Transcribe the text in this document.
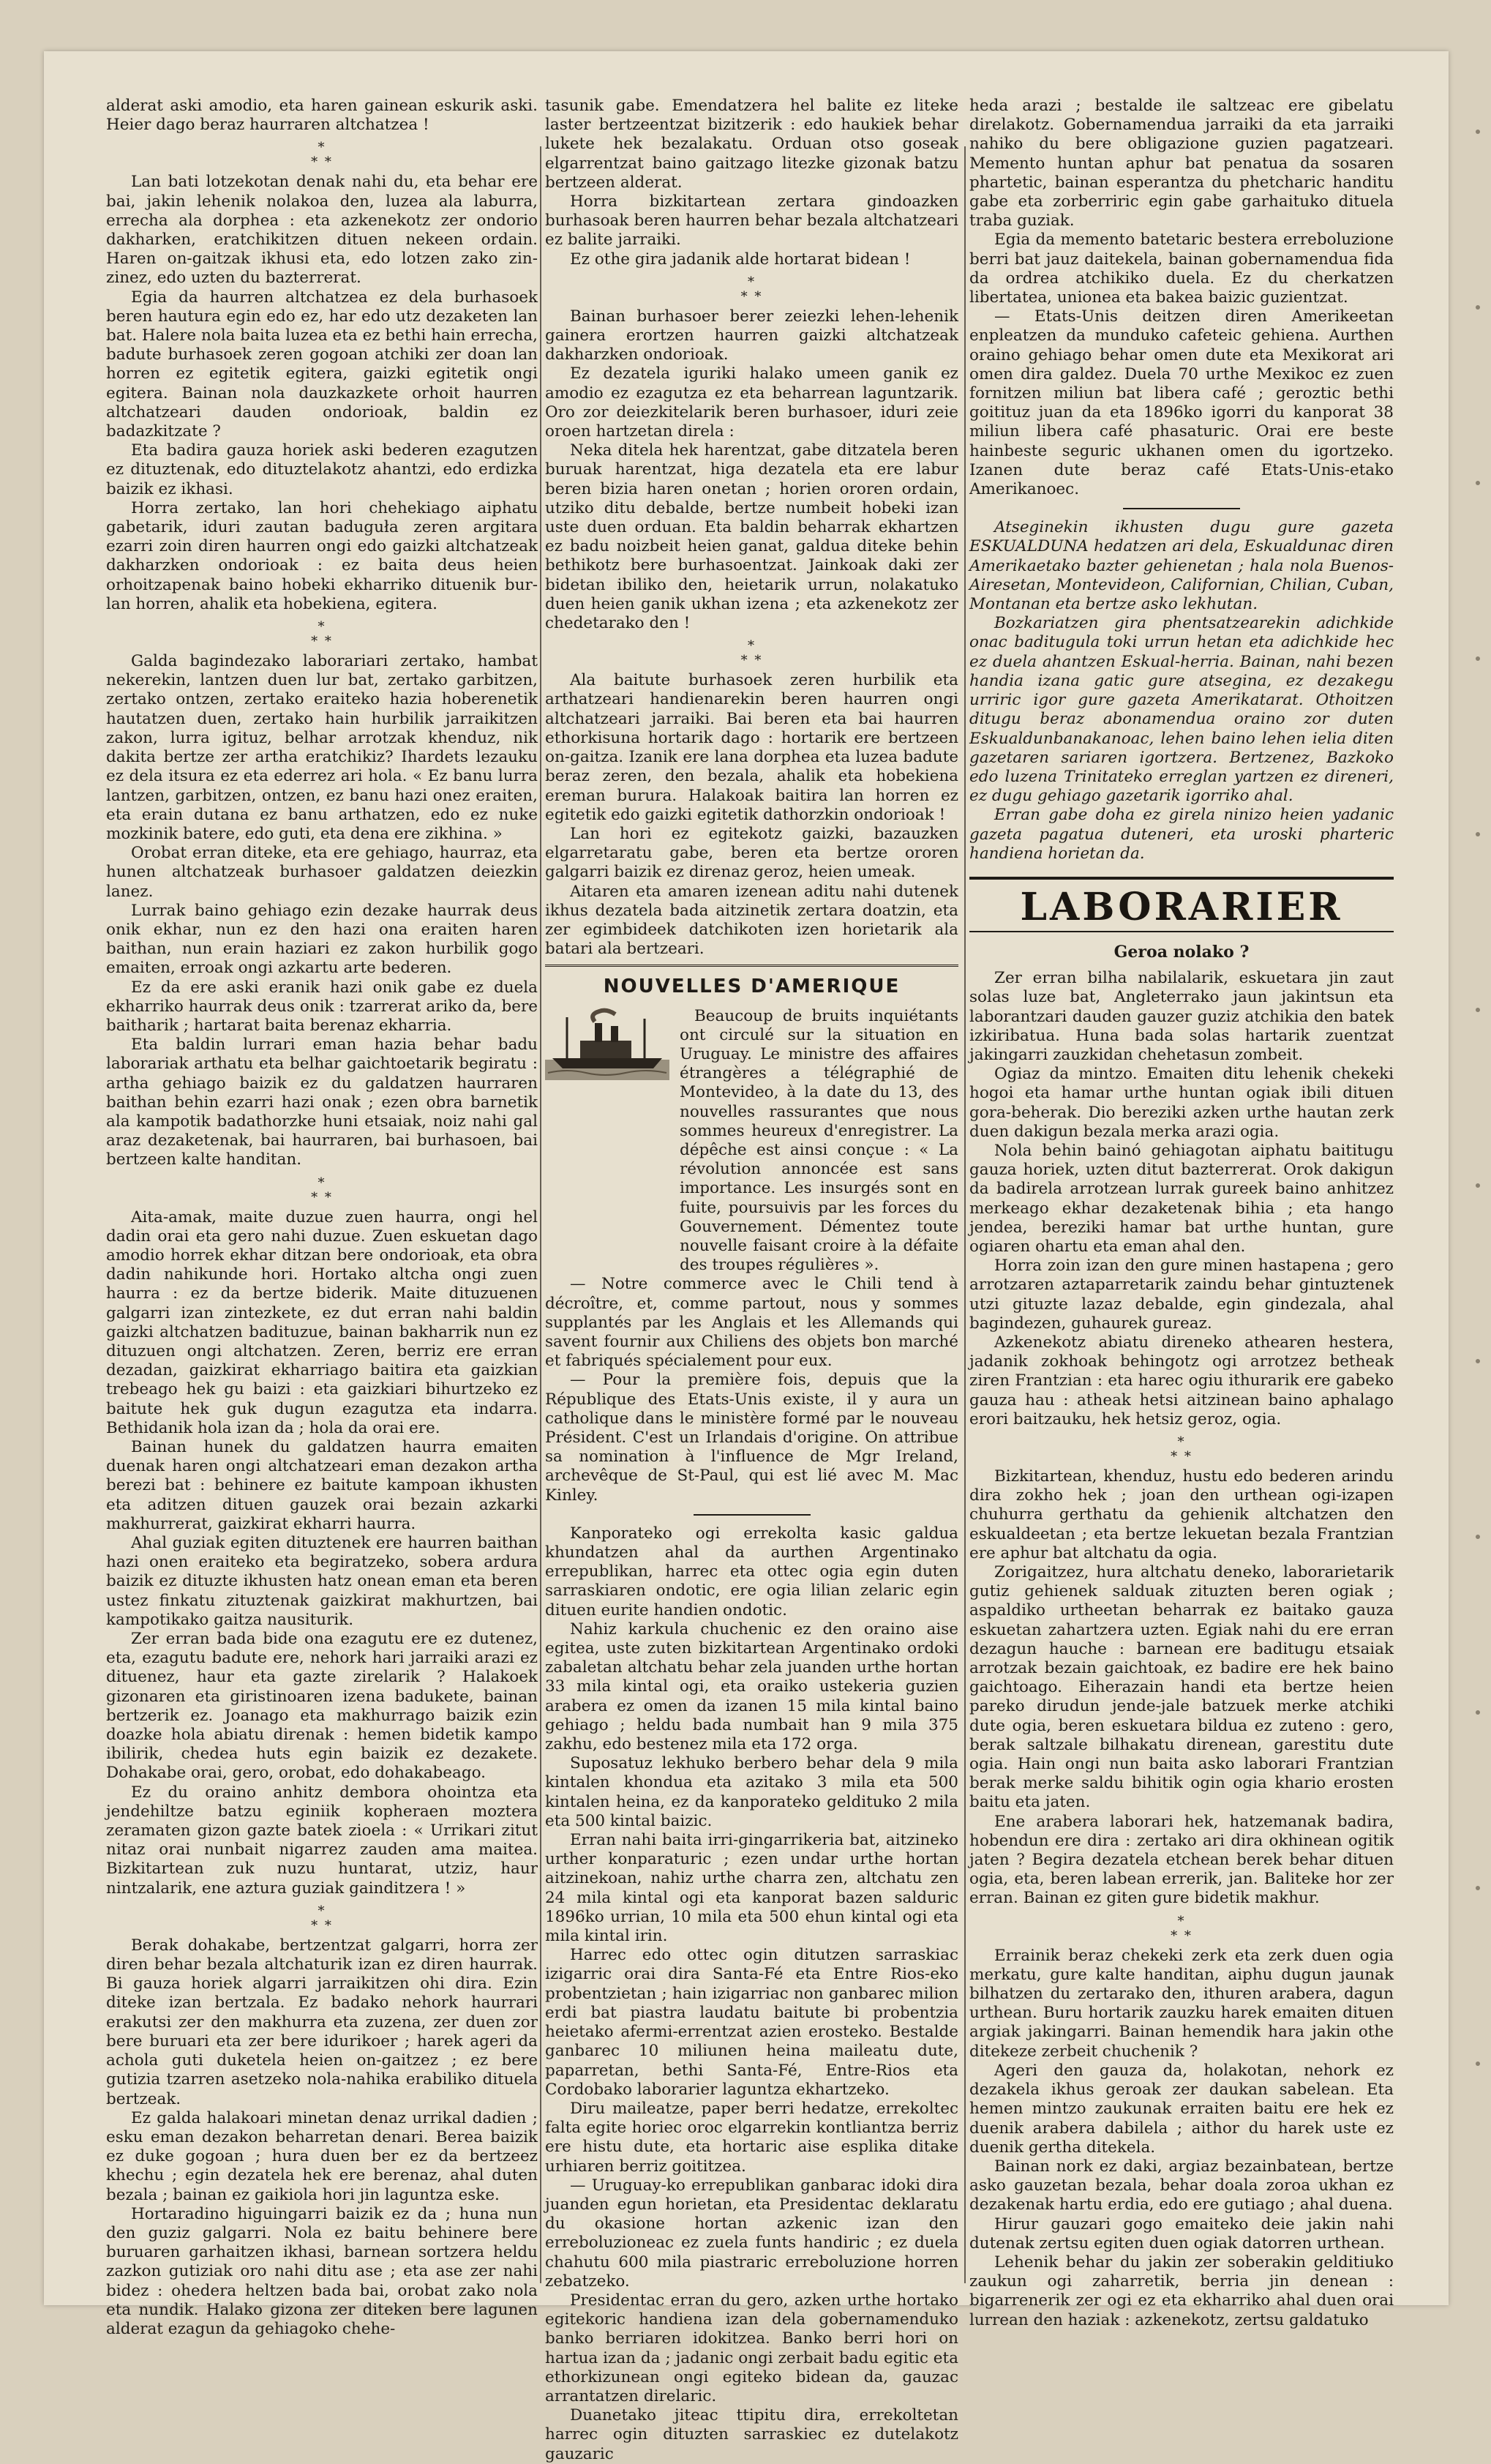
alderat aski amodio, eta haren gainean eskurik aski. Heier dago beraz haurraren altchatzea !

*
* *

Lan bati lotzekotan denak nahi du, eta behar ere bai, jakin lehenik nolakoa den, luzea ala laburra, errecha ala dorphea : eta azkenekotz zer ondorio dakharken, eratchikitzen dituen nekeen ordain. Haren on-gaitzak ikhusi eta, edo lotzen zako zin-zinez, edo uzten du bazterrerat.

Egia da haurren altchatzea ez dela burhasoek beren hautura egin edo ez, har edo utz dezaketen lan bat. Halere nola baita luzea eta ez bethi hain errecha, badute burhasoek zeren gogoan atchiki zer doan lan horren ez egitetik egitera, gaizki egitetik ongi egitera. Bainan nola dauzkazkete orhoit haurren altchatzeari dauden ondorioak, baldin ez badazkitzate ?

Eta badira gauza horiek aski bederen ezagutzen ez dituztenak, edo dituztelakotz ahantzi, edo erdizka baizik ez ikhasi.

Horra zertako, lan hori chehekiago aiphatu gabetarik, iduri zautan baduguła zeren argitara ezarri zoin diren haurren ongi edo gaizki altchatzeak dakharzken ondorioak : ez baita deus heien orhoitzapenak baino hobeki ekharriko dituenik bur-lan horren, ahalik eta hobekiena, egitera.

*
* *

Galda bagindezako laborariari zertako, hambat nekerekin, lantzen duen lur bat, zertako garbitzen, zertako ontzen, zertako eraiteko hazia hoberenetik hautatzen duen, zertako hain hurbilik jarraikitzen zakon, lurra igituz, belhar arrotzak khenduz, nik dakita bertze zer artha eratchikiz? Ihardets lezauku ez dela itsura ez eta ederrez ari hola. « Ez banu lurra lantzen, garbitzen, ontzen, ez banu hazi onez eraiten, eta erain dutana ez banu arthatzen, edo ez nuke mozkinik batere, edo guti, eta dena ere zikhina. »

Orobat erran diteke, eta ere gehiago, haurraz, eta hunen altchatzeak burhasoer galdatzen deiezkin lanez.

Lurrak baino gehiago ezin dezake haurrak deus onik ekhar, nun ez den hazi ona eraiten haren baithan, nun erain haziari ez zakon hurbilik gogo emaiten, erroak ongi azkartu arte bederen.

Ez da ere aski eranik hazi onik gabe ez duela ekharriko haurrak deus onik : tzarrerat ariko da, bere baitharik ; hartarat baita berenaz ekharria.

Eta baldin lurrari eman hazia behar badu laborariak arthatu eta belhar gaichtoetarik begiratu : artha gehiago baizik ez du galdatzen haurraren baithan behin ezarri hazi onak ; ezen obra barnetik ala kampotik badathorzke huni etsaiak, noiz nahi gal araz dezaketenak, bai haurraren, bai burhasoen, bai bertzeen kalte handitan.

*
* *

Aita-amak, maite duzue zuen haurra, ongi hel dadin orai eta gero nahi duzue. Zuen eskuetan dago amodio horrek ekhar ditzan bere ondorioak, eta obra dadin nahikunde hori. Hortako altcha ongi zuen haurra : ez da bertze biderik. Maite dituzuenen galgarri izan zintezkete, ez dut erran nahi baldin gaizki altchatzen badituzue, bainan bakharrik nun ez dituzuen ongi altchatzen. Zeren, berriz ere erran dezadan, gaizkirat ekharriago baitira eta gaizkian trebeago hek gu baizi : eta gaizkiari bihurtzeko ez baitute hek guk dugun ezagutza eta indarra. Bethidanik hola izan da ; hola da orai ere.

Bainan hunek du galdatzen haurra emaiten duenak haren ongi altchatzeari eman dezakon artha berezi bat : behinere ez baitute kampoan ikhusten eta aditzen dituen gauzek orai bezain azkarki makhurrerat, gaizkirat ekharri haurra.

Ahal guziak egiten dituztenek ere haurren baithan hazi onen eraiteko eta begiratzeko, sobera ardura baizik ez dituzte ikhusten hatz onean eman eta beren ustez finkatu zituztenak gaizkirat makhurtzen, bai kampotikako gaitza nausiturik.

Zer erran bada bide ona ezagutu ere ez dutenez, eta, ezagutu badute ere, nehork hari jarraiki arazi ez dituenez, haur eta gazte zirelarik ? Halakoek gizonaren eta giristinoaren izena badukete, bainan bertzerik ez. Joanago eta makhurrago baizik ezin doazke hola abiatu direnak : hemen bidetik kampo ibilirik, chedea huts egin baizik ez dezakete. Dohakabe orai, gero, orobat, edo dohakabeago.

Ez du oraino anhitz dembora ohointza eta jendehiltze batzu eginiik kopheraen moztera zeramaten gizon gazte batek zioela : « Urrikari zitut nitaz orai nunbait nigarrez zauden ama maitea. Bizkitartean zuk nuzu huntarat, utziz, haur nintzalarik, ene aztura guziak gainditzera ! »

*
* *

Berak dohakabe, bertzentzat galgarri, horra zer diren behar bezala altchaturik izan ez diren haurrak. Bi gauza horiek algarri jarraikitzen ohi dira. Ezin diteke izan bertzala. Ez badako nehork haurrari erakutsi zer den makhurra eta zuzena, zer duen zor bere buruari eta zer bere idurikoer ; harek ageri da achola guti duketela heien on-gaitzez ; ez bere gutizia tzarren asetzeko nola-nahika erabiliko dituela bertzeak.

Ez galda halakoari minetan denaz urrikal dadien ; esku eman dezakon beharretan denari. Berea baizik ez duke gogoan ; hura duen ber ez da bertzeez khechu ; egin dezatela hek ere berenaz, ahal duten bezala ; bainan ez gaikiola hori jin laguntza eske.

Hortaradino higuingarri baizik ez da ; huna nun den guziz galgarri. Nola ez baitu behinere bere buruaren garhaitzen ikhasi, barnean sortzera heldu zazkon gutiziak oro nahi ditu ase ; eta ase zer nahi bidez : ohedera heltzen bada bai, orobat zako nola eta nundik. Halako gizona zer diteken bere lagunen alderat ezagun da gehiagoko chehe-

tasunik gabe. Emendatzera hel balite ez liteke laster bertzeentzat bizitzerik : edo haukiek behar lukete hek bezalakatu. Orduan otso goseak elgarrentzat baino gaitzago litezke gizonak batzu bertzeen alderat.

Horra bizkitartean zertara gindoazken burhasoak beren haurren behar bezala altchatzeari ez balite jarraiki.

Ez othe gira jadanik alde hortarat bidean !

*
* *

Bainan burhasoer berer zeiezki lehen-lehenik gainera erortzen haurren gaizki altchatzeak dakharzken ondorioak.

Ez dezatela iguriki halako umeen ganik ez amodio ez ezagutza ez eta beharrean laguntzarik. Oro zor deiezkitelarik beren burhasoer, iduri zeie oroen hartzetan direla :

Neka ditela hek harentzat, gabe ditzatela beren buruak harentzat, higa dezatela eta ere labur beren bizia haren onetan ; horien ororen ordain, utziko ditu debalde, bertze numbeit hobeki izan uste duen orduan. Eta baldin beharrak ekhartzen ez badu noizbeit heien ganat, galdua diteke behin bethikotz bere burhasoentzat. Jainkoak daki zer bidetan ibiliko den, heietarik urrun, nolakatuko duen heien ganik ukhan izena ; eta azkenekotz zer chedetarako den !

*
* *

Ala baitute burhasoek zeren hurbilik eta arthatzeari handienarekin beren haurren ongi altchatzeari jarraiki. Bai beren eta bai haurren ethorkisuna hortarik dago : hortarik ere bertzeen on-gaitza. Izanik ere lana dorphea eta luzea badute beraz zeren, den bezala, ahalik eta hobekiena ereman bururа. Halakoak baitira lan horren ez egitetik edo gaizki egitetik dathorzkin ondorioak !

Lan hori ez egitekotz gaizki, bazauzken elgarretaratu gabe, beren eta bertze ororen galgarri baizik ez direnaz geroz, heien umeak.

Aitaren eta amaren izenean aditu nahi dutenek ikhus dezatela bada aitzinetik zertara doatzin, eta zer egimbideek datchikoten izen horietarik ala batari ala bertzeari.

NOUVELLES D'AMERIQUE

Beaucoup de bruits inquiétants ont circulé sur la situation en Uruguay. Le ministre des affaires étrangères a télégraphié de Montevideo, à la date du 13, des nouvelles rassurantes que nous sommes heureux d'enregistrer. La dépêche est ainsi conçue : « La révolution annoncée est sans importance. Les insurgés sont en fuite, poursuivis par les forces du Gouvernement. Démentez toute nouvelle faisant croire à la défaite des troupes régulières ».

— Notre commerce avec le Chili tend à décroître, et, comme partout, nous y sommes supplantés par les Anglais et les Allemands qui savent fournir aux Chiliens des objets bon marché et fabriqués spécialement pour eux.

— Pour la première fois, depuis que la République des Etats-Unis existe, il y aura un catholique dans le ministère formé par le nouveau Président. C'est un Irlandais d'origine. On attribue sa nomination à l'influence de Mgr Ireland, archevêque de St-Paul, qui est lié avec M. Mac Kinley.

Kanporateko ogi errekolta kasic galdua khundatzen ahal da aurthen Argentinako errepublikan, harrec eta ottec ogia egin duten sarraskiaren ondotic, ere ogia lilian zelaric egin dituen eurite handien ondotic.

Nahiz karkula chuchenic ez den oraino aise egitea, uste zuten bizkitartean Argentinako ordoki zabaletan altchatu behar zela juanden urthe hortan 33 mila kintal ogi, eta oraiko ustekeria guzien arabera ez omen da izanen 15 mila kintal baino gehiago ; heldu bada numbait han 9 mila 375 zakhu, edo bestenez mila eta 172 orga.

Suposatuz lekhuko berbero behar dela 9 mila kintalen khondua eta azitako 3 mila eta 500 kintalen heina, ez da kanporateko geldituko 2 mila eta 500 kintal baizic.

Erran nahi baita irri-gingarrikeria bat, aitzineko urther konparaturic ; ezen undar urthe hortan aitzinekoan, nahiz urthe charra zen, altchatu zen 24 mila kintal ogi eta kanporat bazen salduric 1896ko urrian, 10 mila eta 500 ehun kintal ogi eta mila kintal irin.

Harrec edo ottec ogin ditutzen sarraskiac izigarric orai dira Santa-Fé eta Entre Rios-eko probentzietan ; hain izigarriac non ganbarec milion erdi bat piastra laudatu baitute bi probentzia heietako afermi-errentzat azien erosteko. Bestalde ganbarec 10 miliunen heina maileatu dute, paparretan, bethi Santa-Fé, Entre-Rios eta Cordobako laborarier laguntza ekhartzeko.

Diru maileatze, paper berri hedatze, errekoltec falta egite horiec oroc elgarrekin kontliantza berriz ere histu dute, eta hortaric aise esplika ditake urhiaren berriz goititzea.

— Uruguay-ko errepublikan ganbarac idoki dira juanden egun horietan, eta Presidentac deklaratu du okasione hortan azkenic izan den erreboluzioneac ez zuela funts handiric ; ez duela chahutu 600 mila piastraric erreboluzione horren zebatzeko.

Presidentac erran du gero, azken urthe hortako egitekoric handiena izan dela gobernamenduko banko berriaren idokitzea. Banko berri hori on hartua izan da ; jadanic ongi zerbait badu egitic eta ethorkizunean ongi egiteko bidean da, gauzac arrantatzen direlaric.

Duanetako jiteac ttipitu dira, errekoltetan harrec ogin dituzten sarraskiec ez dutelakotz gauzaric

heda arazi ; bestalde ile saltzeac ere gibelatu direlakotz. Gobernamendua jarraiki da eta jarraiki nahiko du bere obligazione guzien pagatzeari. Memento huntan aphur bat penatua da sosaren phartetic, bainan esperantza du phetcharic handitu gabe eta zorberriric egin gabe garhaituko dituela traba guziak.

Egia da memento batetaric bestera erreboluzione berri bat jauz daitekela, bainan gobernamendua fida da ordrea atchikiko duela. Ez du cherkatzen libertatea, unionea eta bakea baizic guzientzat.

— Etats-Unis deitzen diren Amerikeetan enpleatzen da munduko cafeteic gehiena. Aurthen oraino gehiago behar omen dute eta Mexikorat ari omen dira galdez. Duela 70 urthe Mexikoc ez zuen fornitzen miliun bat libera café ; geroztic bethi goitituz juan da eta 1896ko igorri du kanporat 38 miliun libera café phasaturic. Orai ere beste hainbeste seguric ukhanen omen du igortzeko. Izanen dute beraz café Etats-Unis-etako Amerikanoec.

Atseginekin ikhusten dugu gure gazeta ESKUALDUNA hedatzen ari dela, Eskualdunac diren Amerikaetako bazter gehienetan ; hala nola Buenos-Airesetan, Montevideon, Californian, Chilian, Cuban, Montanan eta bertze asko lekhutan.

Bozkariatzen gira phentsatzearekin adichkide onac baditugula toki urrun hetan eta adichkide hec ez duela ahantzen Eskual-herria. Bainan, nahi bezen handia izana gatic gure atseginа, ez dezakegu urriric igor gure gazeta Amerikatarat. Othoitzen ditugu beraz abonamendua oraino zor duten Eskualdunbanakanoac, lehen baino lehen ielia diten gazetaren sariaren igortzera. Bertzenez, Bazkoko edo luzena Trinitateko erreglan yartzen ez direneri, ez dugu gehiago gazetarik igorriko ahal.

Erran gabe doha ez girela ninizo heien yadanic gazeta pagatua duteneri, eta uroski pharteric handiena horietan da.

LABORARIER
Geroa nolako ?

Zer erran bilha nabilalarik, eskuetara jin zaut solas luze bat, Angleterrako jaun jakintsun eta laborantzari dauden gauzer guziz atchikia den batek izkiribatua. Huna bada solas hartarik zuentzat jakingarri zauzkidan chehetasun zombeit.

Ogiaz da mintzo. Emaiten ditu lehenik chekeki hogoi eta hamar urthe huntan ogiak ibili dituen gora-beherak. Dio bereziki azken urthe hautan zerk duen dakigun bezala merka arazi ogia.

Nola behin bainó gehiagotan aiphatu baititugu gauza horiek, uzten ditut bazterrerat. Orok dakigun da badirela arrotzean lurrak gureek baino anhitzez merkeago ekhar dezaketenak bihia ; eta hango jendea, bereziki hamar bat urthe huntan, gure ogiaren ohartu eta eman ahal den.

Horra zoin izan den gure minen hastapena ; gero arrotzaren aztaparretarik zaindu behar gintuztenek utzi gituzte lazaz debalde, egin gindezala, ahal bagindezen, guhaurek gureaz.

Azkenekotz abiatu direneko athearen hestera, jadanik zokhoak behingotz ogi arrotzez betheak ziren Frantzian : eta harec ogiu ithurarik ere gabeko gauza hau : atheak hetsi aitzinean baino aphalago erori baitzauku, hek hetsiz geroz, ogia.

*
* *

Bizkitartean, khenduz, hustu edo bederen arindu dira zokho hek ; joan den urthean ogi-izapen chuhurra gerthatu da gehienik altchatzen den eskualdeetan ; eta bertze lekuetan bezala Frantzian ere aphur bat altchatu da ogia.

Zorigaitzez, hura altchatu deneko, laborarietarik gutiz gehienek salduak zituzten beren ogiak ; aspaldiko urtheetan beharrak ez baitako gauza eskuetan zahartzera uzten. Egiak nahi du ere erran dezagun hauche : barnean ere baditugu etsaiak arrotzak bezain gaichtoak, ez badire ere hek baino gaichtoago. Eiherazain handi eta bertze heien pareko dirudun jende-jale batzuek merke atchiki dute ogia, beren eskuetara bildua ez zuteno : gero, berak saltzale bilhakatu direnean, garestitu dute ogia. Hain ongi nun baita asko laborari Frantzian berak merke saldu bihitik ogin ogia khario erosten baitu eta jaten.

Ene arabera laborari hek, hatzemanak badira, hobendun ere dira : zertako ari dira okhinean ogitik jaten ? Begira dezatela etchean berek behar dituen ogia, eta, beren labean errerik, jan. Baliteke hor zer erran. Bainan ez giten gure bidetik makhur.

*
* *

Errainik beraz chekeki zerk eta zerk duen ogia merkatu, gure kalte handitan, aiphu dugun jaunak bilhatzen du zertarako den, ithuren arabera, dagun urthean. Buru hortarik zauzku harek emaiten dituen argiak jakingarri. Bainan hemendik hara jakin othe ditekeze zerbeit chuchenik ?

Ageri den gauza da, holakotan, nehork ez dezakela ikhus geroak zer daukan sabelean. Eta hemen mintzo zaukunak erraiten baitu ere hek ez duenik arabera dabilela ; aithor du harek uste ez duenik gertha ditekela.

Bainan nork ez daki, argiaz bezainbatean, bertze asko gauzetan bezala, behar doala zoroa ukhan ez dezakenak hartu erdia, edo ere gutiago ; ahal duena.

Hirur gauzari gogo emaiteko deie jakin nahi dutenak zertsu egiten duen ogiak datorren urthean.

Lehenik behar du jakin zer soberakin gelditiuko zaukun ogi zaharretik, berria jin denean : bigarrenerik zer ogi ez eta ekharriko ahal duen orai lurrean den haziak : azkenekotz, zertsu galdatuko
